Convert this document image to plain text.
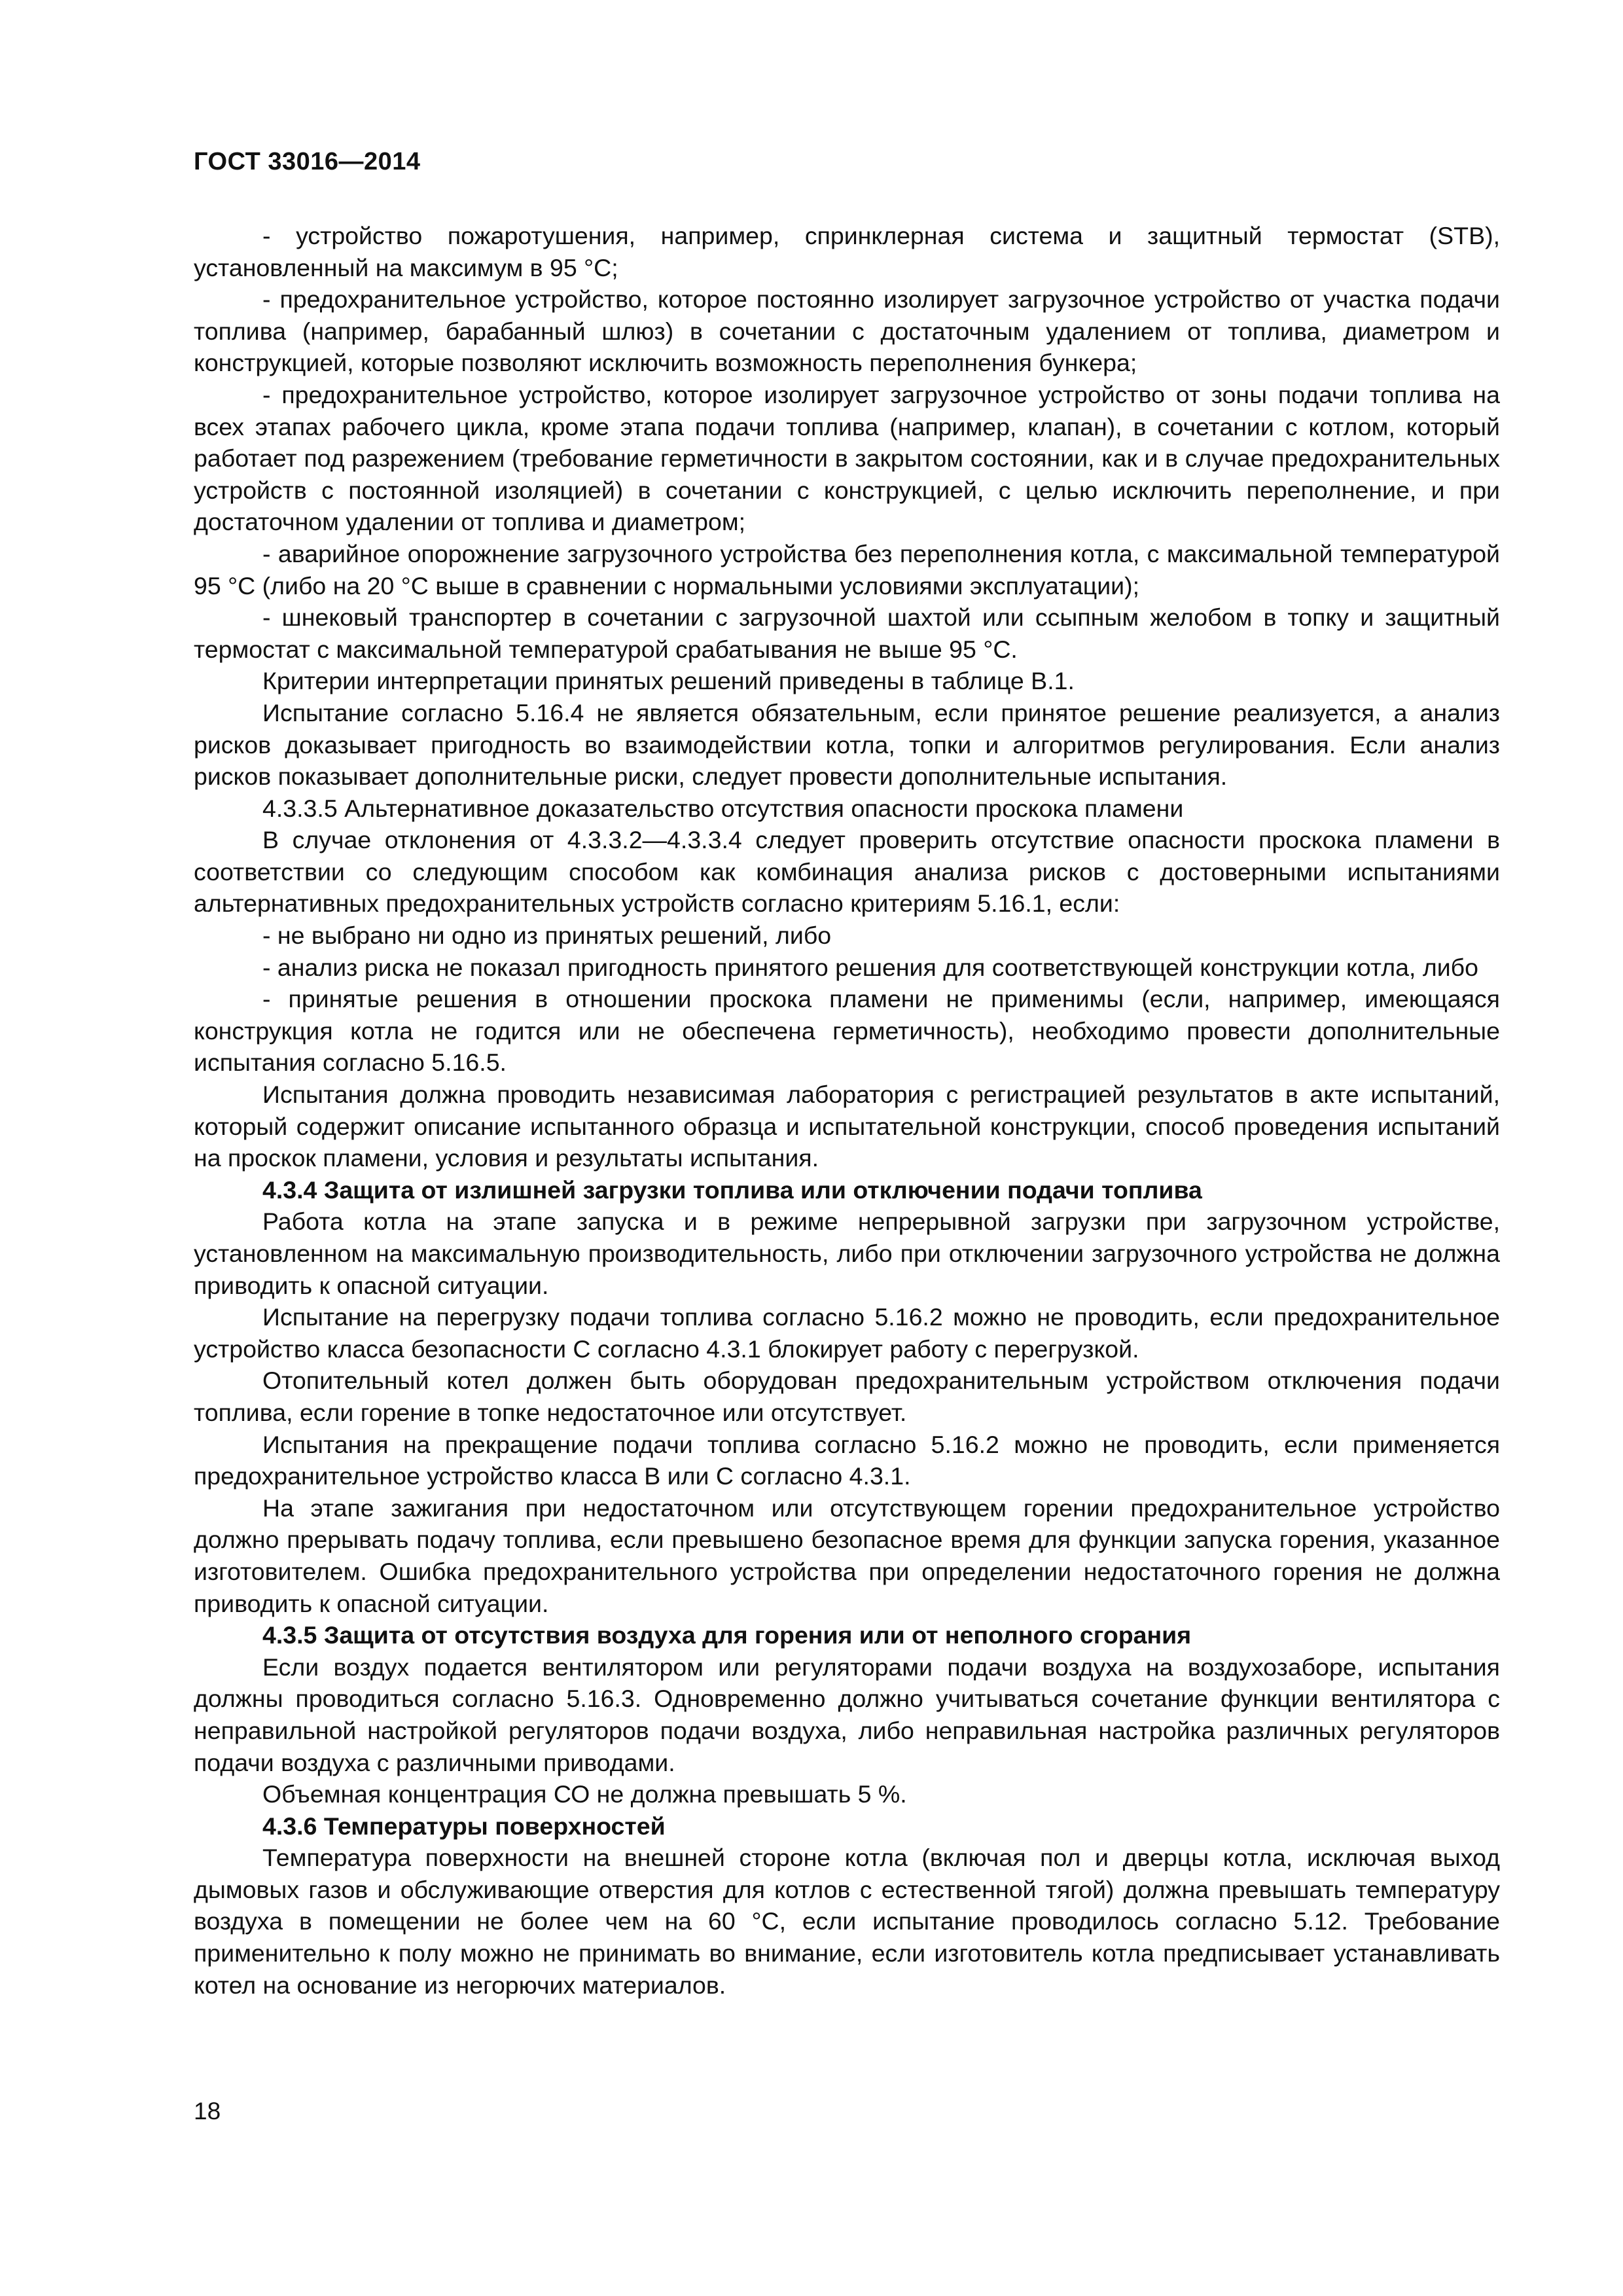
ГОСТ 33016—2014

- устройство пожаротушения, например, спринклерная система и защитный термостат (STB), установленный на максимум в 95 °С;

- предохранительное устройство, которое постоянно изолирует загрузочное устройство от участка подачи топлива (например, барабанный шлюз) в сочетании с достаточным удалением от топлива, диаметром и конструкцией, которые позволяют исключить возможность переполнения бункера;

- предохранительное устройство, которое изолирует загрузочное устройство от зоны подачи топлива на всех этапах рабочего цикла, кроме этапа подачи топлива (например, клапан), в сочетании с котлом, который работает под разрежением (требование герметичности в закрытом состоянии, как и в случае предохранительных устройств с постоянной изоляцией) в сочетании с конструкцией, с целью исключить переполнение, и при достаточном удалении от топлива и диаметром;

- аварийное опорожнение загрузочного устройства без переполнения котла, с максимальной температурой 95 °С (либо на 20 °С выше в сравнении с нормальными условиями эксплуатации);

- шнековый транспортер в сочетании с загрузочной шахтой или ссыпным желобом в топку и защитный термостат с максимальной температурой срабатывания не выше 95 °С.

Критерии интерпретации принятых решений приведены в таблице В.1.

Испытание согласно 5.16.4 не является обязательным, если принятое решение реализуется, а анализ рисков доказывает пригодность во взаимодействии котла, топки и алгоритмов регулирования. Если анализ рисков показывает дополнительные риски, следует провести дополнительные испытания.

4.3.3.5 Альтернативное доказательство отсутствия опасности проскока пламени

В случае отклонения от 4.3.3.2—4.3.3.4 следует проверить отсутствие опасности проскока пламени в соответствии со следующим способом как комбинация анализа рисков с достоверными испытаниями альтернативных предохранительных устройств согласно критериям 5.16.1, если:

- не выбрано ни одно из принятых решений, либо

- анализ риска не показал пригодность принятого решения для соответствующей конструкции котла, либо

- принятые решения в отношении проскока пламени не применимы (если, например, имеющаяся конструкция котла не годится или не обеспечена герметичность), необходимо провести дополнительные испытания согласно 5.16.5.

Испытания должна проводить независимая лаборатория с регистрацией результатов в акте испытаний, который содержит описание испытанного образца и испытательной конструкции, способ проведения испытаний на проскок пламени, условия и результаты испытания.

4.3.4 Защита от излишней загрузки топлива или отключении подачи топлива

Работа котла на этапе запуска и в режиме непрерывной загрузки при загрузочном устройстве, установленном на максимальную производительность, либо при отключении загрузочного устройства не должна приводить к опасной ситуации.

Испытание на перегрузку подачи топлива согласно 5.16.2 можно не проводить, если предохранительное устройство класса безопасности С согласно 4.3.1 блокирует работу с перегрузкой.

Отопительный котел должен быть оборудован предохранительным устройством отключения подачи топлива, если горение в топке недостаточное или отсутствует.

Испытания на прекращение подачи топлива согласно 5.16.2 можно не проводить, если применяется предохранительное устройство класса В или С согласно 4.3.1.

На этапе зажигания при недостаточном или отсутствующем горении предохранительное устройство должно прерывать подачу топлива, если превышено безопасное время для функции запуска горения, указанное изготовителем. Ошибка предохранительного устройства при определении недостаточного горения не должна приводить к опасной ситуации.

4.3.5 Защита от отсутствия воздуха для горения или от неполного сгорания

Если воздух подается вентилятором или регуляторами подачи воздуха на воздухозаборе, испытания должны проводиться согласно 5.16.3. Одновременно должно учитываться сочетание функции вентилятора с неправильной настройкой регуляторов подачи воздуха, либо неправильная настройка различных регуляторов подачи воздуха с различными приводами.

Объемная концентрация СО не должна превышать 5 %.

4.3.6 Температуры поверхностей

Температура поверхности на внешней стороне котла (включая пол и дверцы котла, исключая выход дымовых газов и обслуживающие отверстия для котлов с естественной тягой) должна превышать температуру воздуха в помещении не более чем на 60 °С, если испытание проводилось согласно 5.12. Требование применительно к полу можно не принимать во внимание, если изготовитель котла предписывает устанавливать котел на основание из негорючих материалов.

18
